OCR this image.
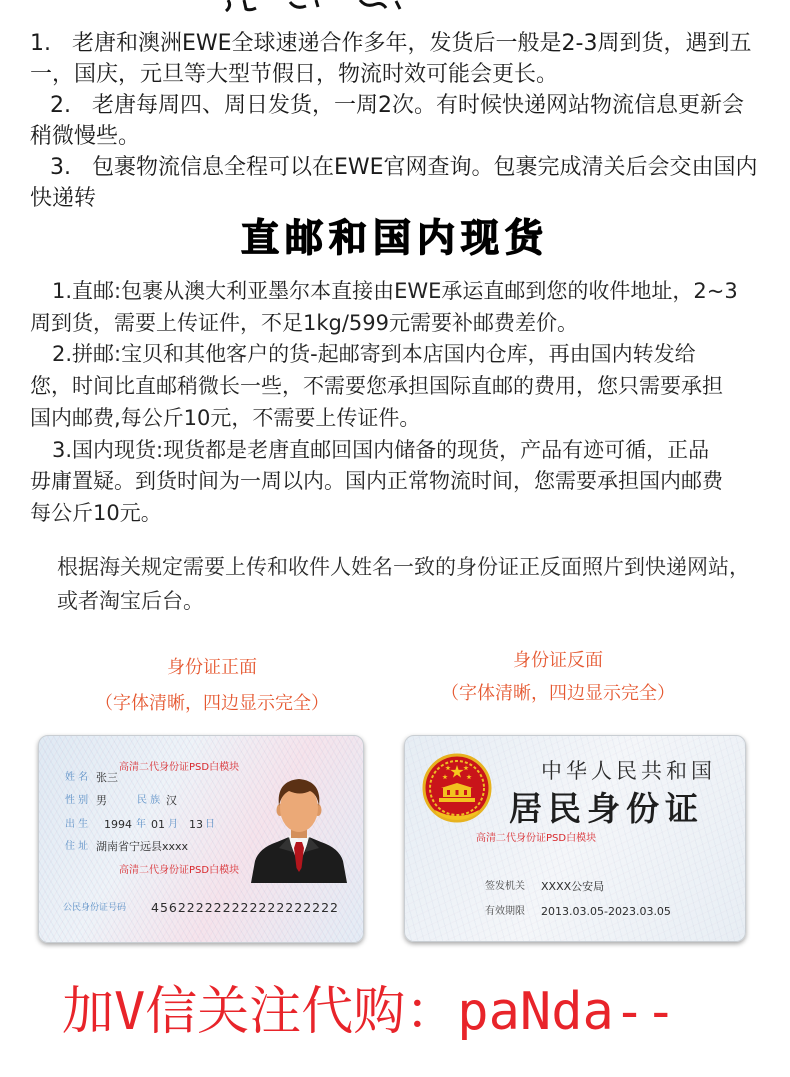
1.   老唐和澳洲EWE全球速递合作多年，发货后一般是2-3周到货，遇到五
一，国庆，元旦等大型节假日，物流时效可能会更长。
2.   老唐每周四、周日发货，一周2次。有时候快递网站物流信息更新会
稍微慢些。
3.   包裹物流信息全程可以在EWE官网查询。包裹完成清关后会交由国内
快递转
直邮和国内现货
1.直邮:包裹从澳大利亚墨尔本直接由EWE承运直邮到您的收件地址，2~3
周到货，需要上传证件，不足1kg/599元需要补邮费差价。
2.拼邮:宝贝和其他客户的货-起邮寄到本店国内仓库，再由国内转发给
您，时间比直邮稍微长一些，不需要您承担国际直邮的费用，您只需要承担
国内邮费,每公斤10元，不需要上传证件。
3.国内现货:现货都是老唐直邮回国内储备的现货，产品有迹可循，正品
毋庸置疑。到货时间为一周以内。国内正常物流时间，您需要承担国内邮费
每公斤10元。
根据海关规定需要上传和收件人姓名一致的身份证正反面照片到快递网站，
或者淘宝后台。
身份证正面
（字体清晰，四边显示完全）
身份证反面
（字体清晰，四边显示完全）
高清二代身份证PSD白模块
姓 名 张三
性 别 男	民 族 汉
出 生 1994 年 01 月 13 日
住 址 湖南省宁远县xxxx
高清二代身份证PSD白模块
公民身份证号码 456222222222222222222
中华人民共和国
居民身份证
高清二代身份证PSD白模块
签发机关 XXXX公安局
有效期限 2013.03.05-2023.03.05
加V信关注代购：paNda--
